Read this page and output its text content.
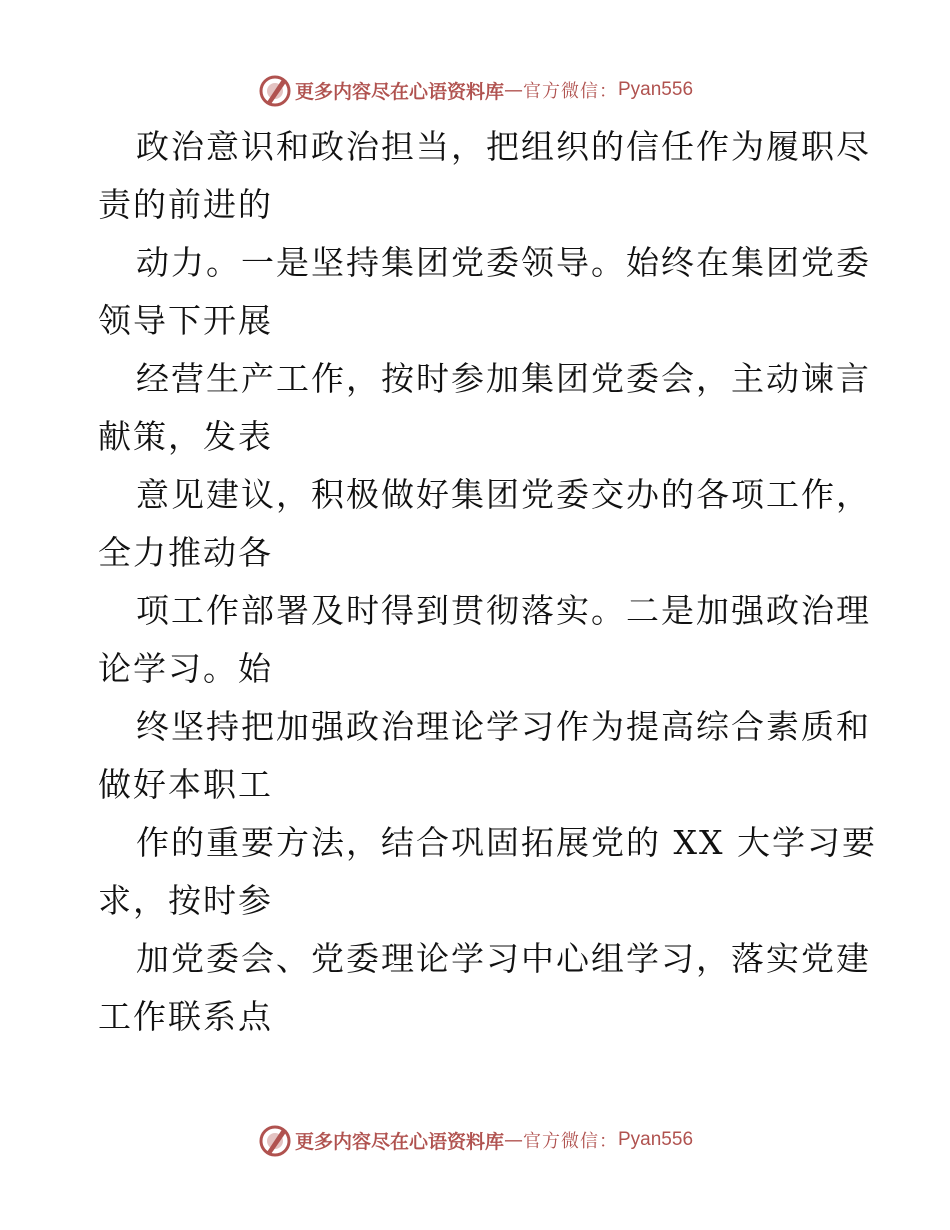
更多内容尽在心语资料库 — 官方微信： Pyan556
政治意识和政治担当，把组织的信任作为履职尽
责的前进的
动力。一是坚持集团党委领导。始终在集团党委
领导下开展
经营生产工作，按时参加集团党委会，主动谏言
献策，发表
意见建议，积极做好集团党委交办的各项工作，
全力推动各
项工作部署及时得到贯彻落实。二是加强政治理
论学习。始
终坚持把加强政治理论学习作为提高综合素质和
做好本职工
作的重要方法，结合巩固拓展党的 XX 大学习要
求，按时参
加党委会、党委理论学习中心组学习，落实党建
工作联系点
更多内容尽在心语资料库 — 官方微信： Pyan556
